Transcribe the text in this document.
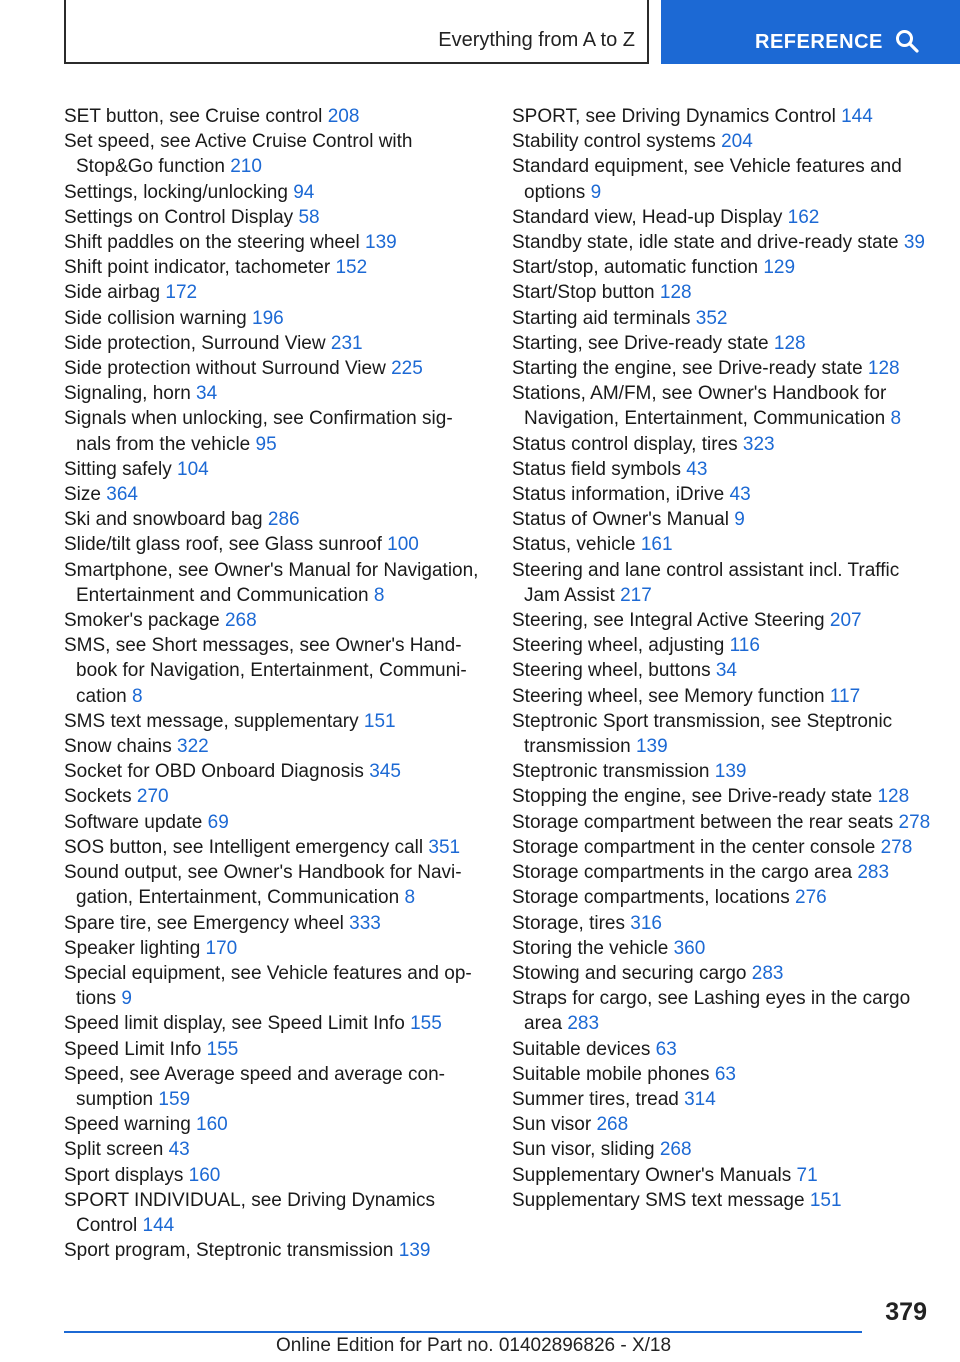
Everything from A to Z	REFERENCE
SET button, see Cruise control 208
Set speed, see Active Cruise Control with Stop&Go function 210
Settings, locking/unlocking 94
Settings on Control Display 58
Shift paddles on the steering wheel 139
Shift point indicator, tachometer 152
Side airbag 172
Side collision warning 196
Side protection, Surround View 231
Side protection without Surround View 225
Signaling, horn 34
Signals when unlocking, see Confirmation sig-nals from the vehicle 95
Sitting safely 104
Size 364
Ski and snowboard bag 286
Slide/tilt glass roof, see Glass sunroof 100
Smartphone, see Owner's Manual for Navigation, Entertainment and Communication 8
Smoker's package 268
SMS, see Short messages, see Owner's Hand-book for Navigation, Entertainment, Communi-cation 8
SMS text message, supplementary 151
Snow chains 322
Socket for OBD Onboard Diagnosis 345
Sockets 270
Software update 69
SOS button, see Intelligent emergency call 351
Sound output, see Owner's Handbook for Navi-gation, Entertainment, Communication 8
Spare tire, see Emergency wheel 333
Speaker lighting 170
Special equipment, see Vehicle features and op-tions 9
Speed limit display, see Speed Limit Info 155
Speed Limit Info 155
Speed, see Average speed and average con-sumption 159
Speed warning 160
Split screen 43
Sport displays 160
SPORT INDIVIDUAL, see Driving Dynamics Control 144
Sport program, Steptronic transmission 139
SPORT, see Driving Dynamics Control 144
Stability control systems 204
Standard equipment, see Vehicle features and options 9
Standard view, Head-up Display 162
Standby state, idle state and drive-ready state 39
Start/stop, automatic function 129
Start/Stop button 128
Starting aid terminals 352
Starting, see Drive-ready state 128
Starting the engine, see Drive-ready state 128
Stations, AM/FM, see Owner's Handbook for Navigation, Entertainment, Communication 8
Status control display, tires 323
Status field symbols 43
Status information, iDrive 43
Status of Owner's Manual 9
Status, vehicle 161
Steering and lane control assistant incl. Traffic Jam Assist 217
Steering, see Integral Active Steering 207
Steering wheel, adjusting 116
Steering wheel, buttons 34
Steering wheel, see Memory function 117
Steptronic Sport transmission, see Steptronic transmission 139
Steptronic transmission 139
Stopping the engine, see Drive-ready state 128
Storage compartment between the rear seats 278
Storage compartment in the center console 278
Storage compartments in the cargo area 283
Storage compartments, locations 276
Storage, tires 316
Storing the vehicle 360
Stowing and securing cargo 283
Straps for cargo, see Lashing eyes in the cargo area 283
Suitable devices 63
Suitable mobile phones 63
Summer tires, tread 314
Sun visor 268
Sun visor, sliding 268
Supplementary Owner's Manuals 71
Supplementary SMS text message 151
379
Online Edition for Part no. 01402896826 - X/18
